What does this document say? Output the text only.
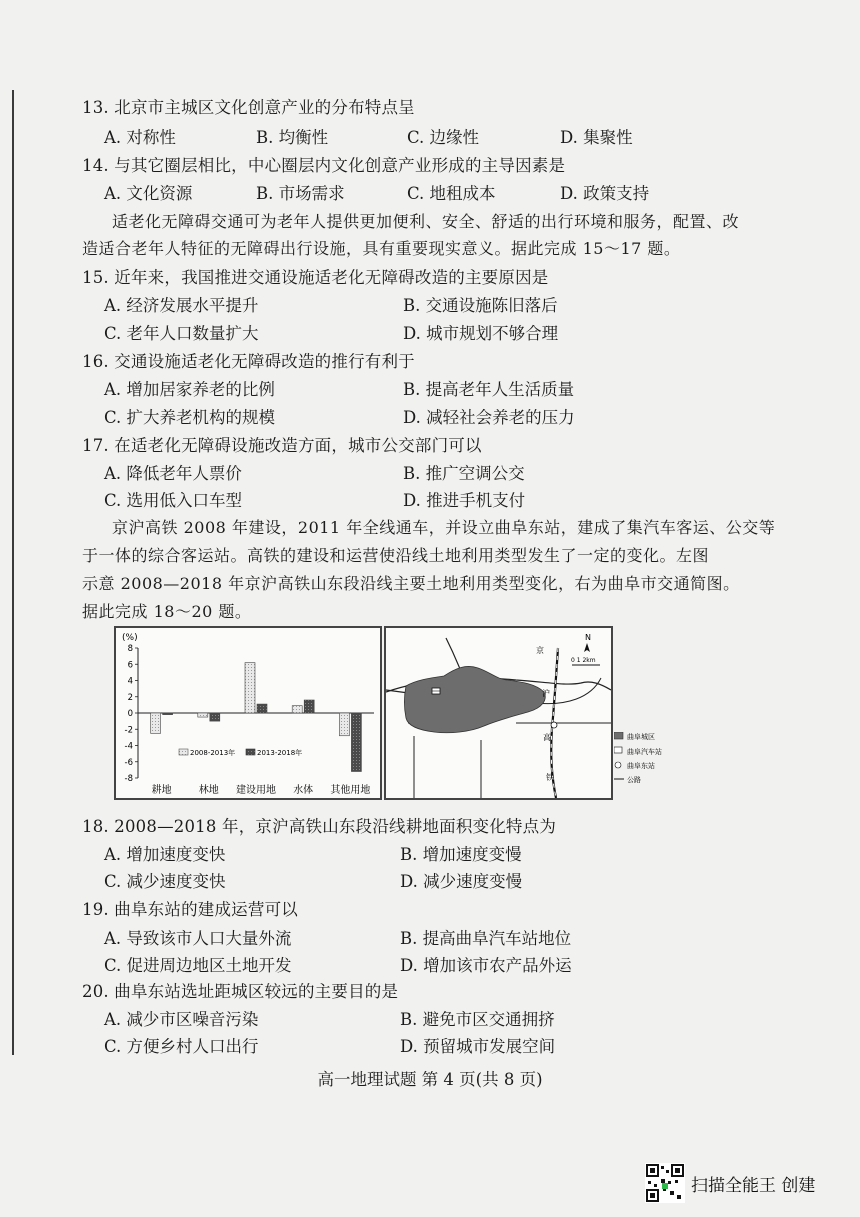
13. 北京市主城区文化创意产业的分布特点呈
A. 对称性	B. 均衡性	C. 边缘性	D. 集聚性
14. 与其它圈层相比，中心圈层内文化创意产业形成的主导因素是
A. 文化资源	B. 市场需求	C. 地租成本	D. 政策支持
适老化无障碍交通可为老年人提供更加便利、安全、舒适的出行环境和服务，配置、改
造适合老年人特征的无障碍出行设施，具有重要现实意义。据此完成 15～17 题。
15. 近年来，我国推进交通设施适老化无障碍改造的主要原因是
A. 经济发展水平提升	B. 交通设施陈旧落后
C. 老年人口数量扩大	D. 城市规划不够合理
16. 交通设施适老化无障碍改造的推行有利于
A. 增加居家养老的比例	B. 提高老年人生活质量
C. 扩大养老机构的规模	D. 减轻社会养老的压力
17. 在适老化无障碍设施改造方面，城市公交部门可以
A. 降低老年人票价	B. 推广空调公交
C. 选用低入口车型	D. 推进手机支付
京沪高铁 2008 年建设，2011 年全线通车，并设立曲阜东站，建成了集汽车客运、公交等
于一体的综合客运站。高铁的建设和运营使沿线土地利用类型发生了一定的变化。左图
示意 2008—2018 年京沪高铁山东段沿线主要土地利用类型变化，右为曲阜市交通简图。
据此完成 18～20 题。
(%)
8
6
4
2
0
-2
-4
-6
-8
耕地	林地 建设用地 水体 其他用地
2008-2013年	2013-2018年
京
沪
高
铁
N
0 1 2km
曲阜城区
曲阜汽车站
曲阜东站
公路
18. 2008—2018 年，京沪高铁山东段沿线耕地面积变化特点为
A. 增加速度变快	B. 增加速度变慢
C. 减少速度变快	D. 减少速度变慢
19. 曲阜东站的建成运营可以
A. 导致该市人口大量外流	B. 提高曲阜汽车站地位
C. 促进周边地区土地开发	D. 增加该市农产品外运
20. 曲阜东站选址距城区较远的主要目的是
A. 减少市区噪音污染	B. 避免市区交通拥挤
C. 方便乡村人口出行	D. 预留城市发展空间
高一地理试题 第 4 页(共 8 页)
扫描全能王 创建
